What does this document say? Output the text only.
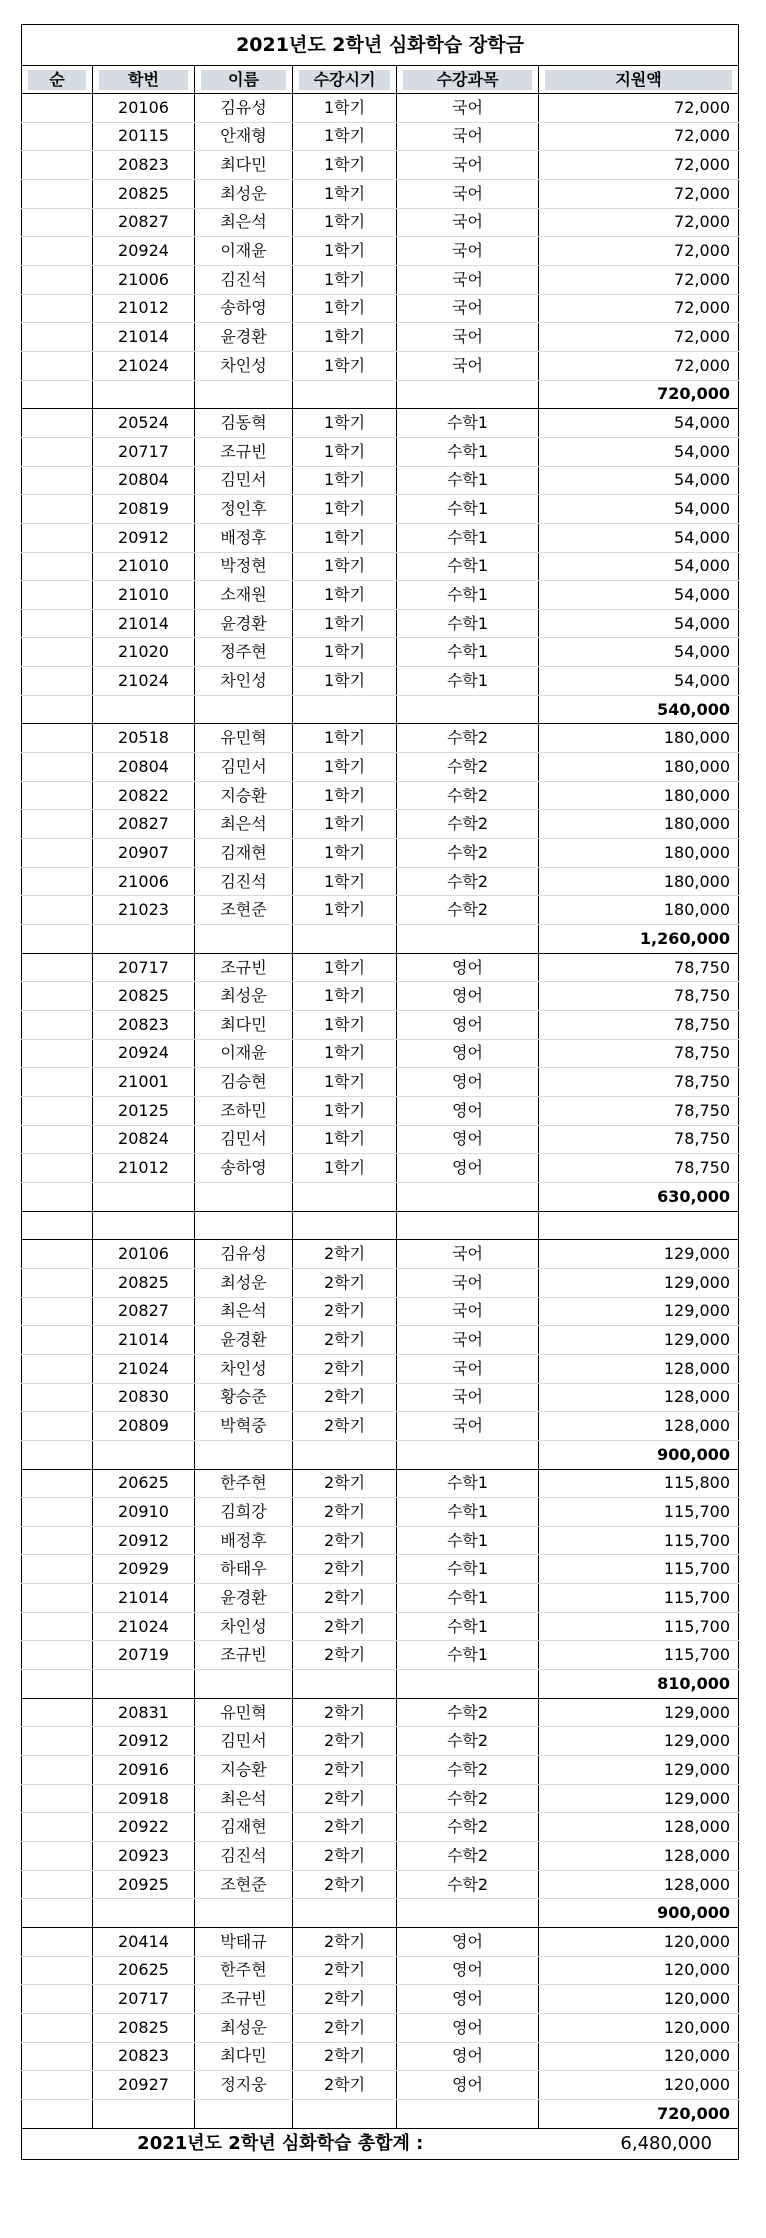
2021년도 2학년 심화학습 장학금					

순	학번	이름	수강시기	수강과목	지원액

	20106	김유성	1학기	국어	72,000
	20115	안재형	1학기	국어	72,000
	20823	최다민	1학기	국어	72,000
	20825	최성운	1학기	국어	72,000
	20827	최은석	1학기	국어	72,000
	20924	이재윤	1학기	국어	72,000
	21006	김진석	1학기	국어	72,000
	21012	송하영	1학기	국어	72,000
	21014	윤경환	1학기	국어	72,000
	21024	차인성	1학기	국어	72,000
					720,000
	20524	김동혁	1학기	수학1	54,000
	20717	조규빈	1학기	수학1	54,000
	20804	김민서	1학기	수학1	54,000
	20819	정인후	1학기	수학1	54,000
	20912	배정후	1학기	수학1	54,000
	21010	박정현	1학기	수학1	54,000
	21010	소재원	1학기	수학1	54,000
	21014	윤경환	1학기	수학1	54,000
	21020	정주현	1학기	수학1	54,000
	21024	차인성	1학기	수학1	54,000
					540,000
	20518	유민혁	1학기	수학2	180,000
	20804	김민서	1학기	수학2	180,000
	20822	지승환	1학기	수학2	180,000
	20827	최은석	1학기	수학2	180,000
	20907	김재현	1학기	수학2	180,000
	21006	김진석	1학기	수학2	180,000
	21023	조현준	1학기	수학2	180,000
					1,260,000
	20717	조규빈	1학기	영어	78,750
	20825	최성운	1학기	영어	78,750
	20823	최다민	1학기	영어	78,750
	20924	이재윤	1학기	영어	78,750
	21001	김승현	1학기	영어	78,750
	20125	조하민	1학기	영어	78,750
	20824	김민서	1학기	영어	78,750
	21012	송하영	1학기	영어	78,750
					630,000

	20106	김유성	2학기	국어	129,000
	20825	최성운	2학기	국어	129,000
	20827	최은석	2학기	국어	129,000
	21014	윤경환	2학기	국어	129,000
	21024	차인성	2학기	국어	128,000
	20830	황승준	2학기	국어	128,000
	20809	박혁중	2학기	국어	128,000
					900,000
	20625	한주현	2학기	수학1	115,800
	20910	김희강	2학기	수학1	115,700
	20912	배정후	2학기	수학1	115,700
	20929	하태우	2학기	수학1	115,700
	21014	윤경환	2학기	수학1	115,700
	21024	차인성	2학기	수학1	115,700
	20719	조규빈	2학기	수학1	115,700
					810,000
	20831	유민혁	2학기	수학2	129,000
	20912	김민서	2학기	수학2	129,000
	20916	지승환	2학기	수학2	129,000
	20918	최은석	2학기	수학2	129,000
	20922	김재현	2학기	수학2	128,000
	20923	김진석	2학기	수학2	128,000
	20925	조현준	2학기	수학2	128,000
					900,000
	20414	박태규	2학기	영어	120,000
	20625	한주현	2학기	영어	120,000
	20717	조규빈	2학기	영어	120,000
	20825	최성운	2학기	영어	120,000
	20823	최다민	2학기	영어	120,000
	20927	정지웅	2학기	영어	120,000
					720,000
2021년도 2학년 심화학습 총합계 :					6,480,000
